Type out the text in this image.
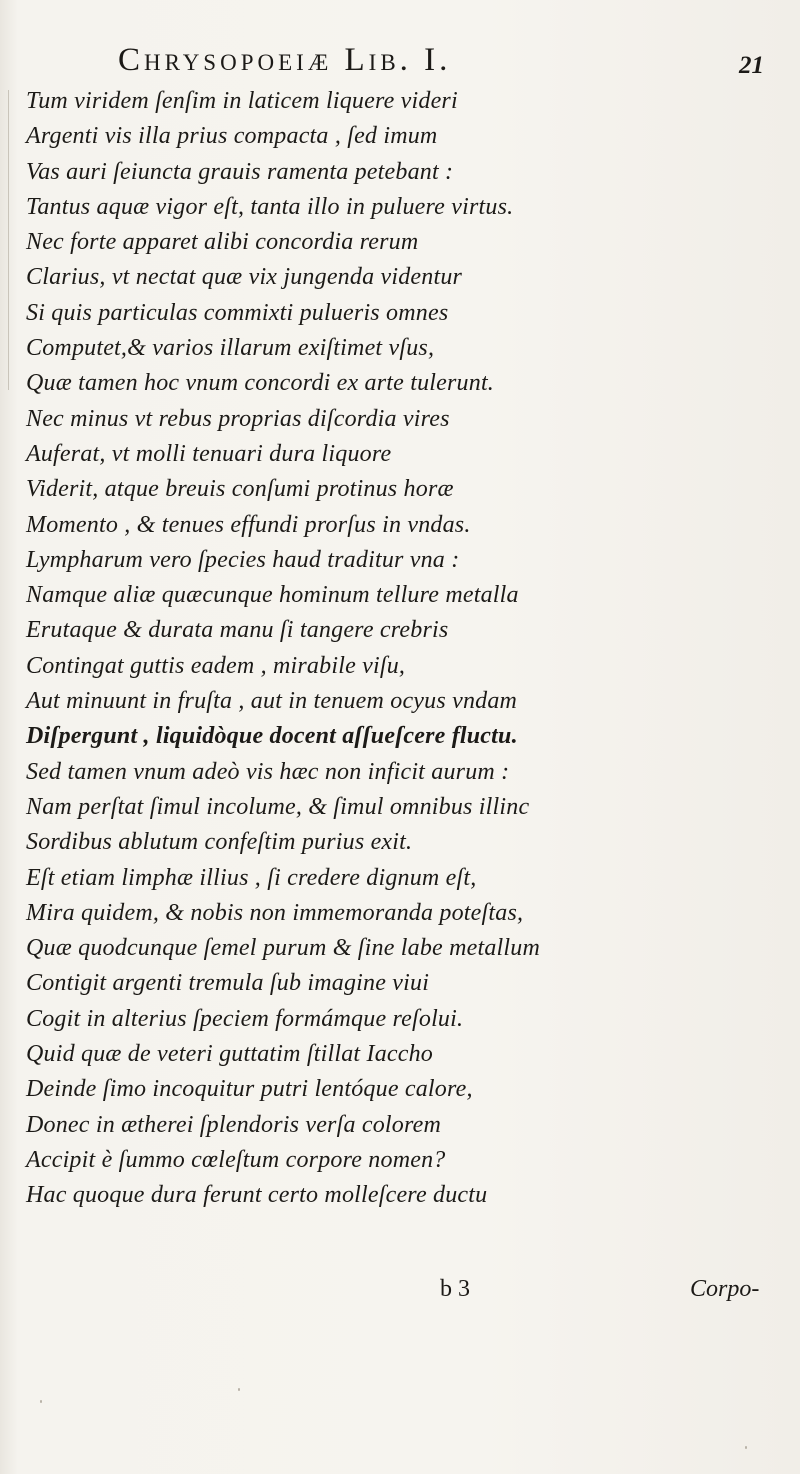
Chrysopoeiæ Lib. I.	21
Tum viridem ſenſim in laticem liquere videri
Argenti vis illa prius compacta , ſed imum
Vas auri ſeiuncta grauis ramenta petebant :
Tantus aquæ vigor eſt, tanta illo in puluere virtus.
Nec forte apparet alibi concordia rerum
Clarius, vt nectat quæ vix jungenda videntur
Si quis particulas commixti pulueris omnes
Computet,& varios illarum exiſtimet vſus,
Quæ tamen hoc vnum concordi ex arte tulerunt.
Nec minus vt rebus proprias diſcordia vires
Auferat, vt molli tenuari dura liquore
Viderit, atque breuis conſumi protinus horæ
Momento , & tenues effundi prorſus in vndas.
Lympharum vero ſpecies haud traditur vna :
Namque aliæ quæcunque hominum tellure metalla
Erutaque & durata manu ſi tangere crebris
Contingat guttis eadem , mirabile viſu,
Aut minuunt in fruſta , aut in tenuem ocyus vndam
Diſpergunt , liquidòque docent aſſueſcere fluctu.
Sed tamen vnum adeò vis hæc non inficit aurum :
Nam perſtat ſimul incolume, & ſimul omnibus illinc
Sordibus ablutum confeſtim purius exit.
Eſt etiam limphæ illius , ſi credere dignum eſt,
Mira quidem, & nobis non immemoranda poteſtas,
Quæ quodcunque ſemel purum & ſine labe metallum
Contigit argenti tremula ſub imagine viui
Cogit in alterius ſpeciem formámque reſolui.
Quid quæ de veteri guttatim ſtillat Iaccho
Deinde ſimo incoquitur putri lentóque calore,
Donec in ætherei ſplendoris verſa colorem
Accipit è ſummo cœleſtum corpore nomen?
Hac quoque dura ferunt certo molleſcere ductu
b 3	Corpo-
